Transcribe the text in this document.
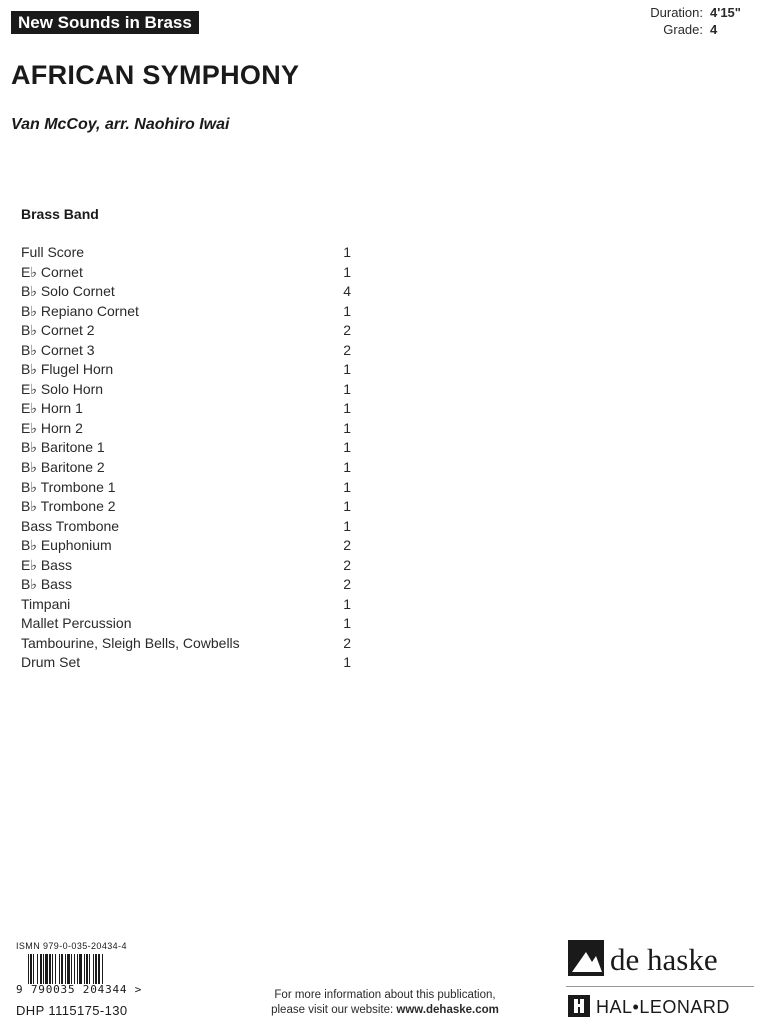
New Sounds in Brass
Duration: 4'15"
Grade: 4
AFRICAN SYMPHONY
Van McCoy, arr. Naohiro Iwai
Brass Band
Full Score	1
E♭ Cornet	1
B♭ Solo Cornet	4
B♭ Repiano Cornet	1
B♭ Cornet 2	2
B♭ Cornet 3	2
B♭ Flugel Horn	1
E♭ Solo Horn	1
E♭ Horn 1	1
E♭ Horn 2	1
B♭ Baritone 1	1
B♭ Baritone 2	1
B♭ Trombone 1	1
B♭ Trombone 2	1
Bass Trombone	1
B♭ Euphonium	2
E♭ Bass	2
B♭ Bass	2
Timpani	1
Mallet Percussion	1
Tambourine, Sleigh Bells, Cowbells	2
Drum Set	1
ISMN 979-0-035-20434-4
9 790035 204344 >
DHP 1115175-130
For more information about this publication,
please visit our website: www.dehaske.com
de haske
HAL•LEONARD
